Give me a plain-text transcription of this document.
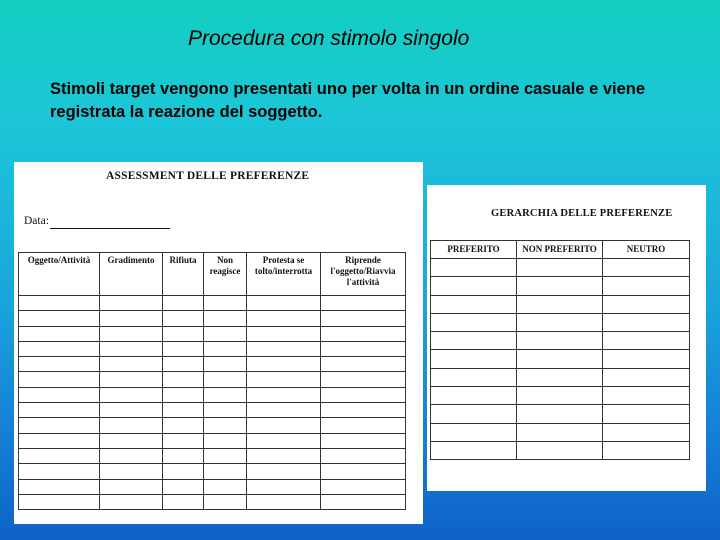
Procedura con stimolo singolo
Stimoli target vengono presentati uno per volta in un ordine casuale e viene registrata la reazione del soggetto.
ASSESSMENT DELLE PREFERENZE
Data:
Oggetto/Attività	Gradimento	Rifiuta	Non reagisce	Protesta se tolto/interrotta	Riprende l'oggetto/Riavvia l'attività

GERARCHIA DELLE PREFERENZE
PREFERITO	NON PREFERITO	NEUTRO
